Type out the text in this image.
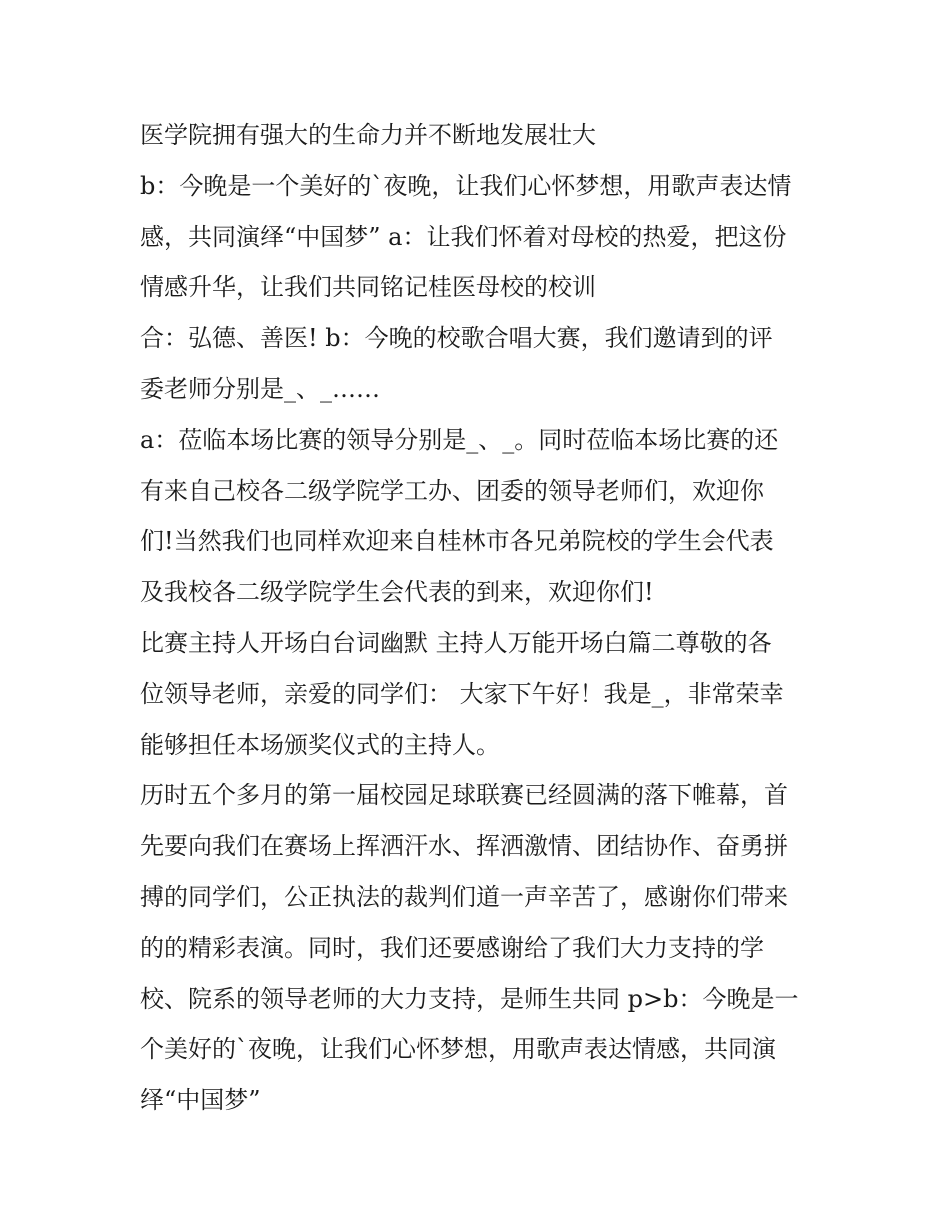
医学院拥有强大的生命力并不断地发展壮大
b：今晚是一个美好的`夜晚，让我们心怀梦想，用歌声表达情
感，共同演绎“中国梦” a：让我们怀着对母校的热爱，把这份
情感升华，让我们共同铭记桂医母校的校训
合：弘德、善医! b：今晚的校歌合唱大赛，我们邀请到的评
委老师分别是_、_……
a：莅临本场比赛的领导分别是_、_。同时莅临本场比赛的还
有来自己校各二级学院学工办、团委的领导老师们，欢迎你
们!当然我们也同样欢迎来自桂林市各兄弟院校的学生会代表
及我校各二级学院学生会代表的到来，欢迎你们!
比赛主持人开场白台词幽默 主持人万能开场白篇二尊敬的各
位领导老师，亲爱的同学们： 大家下午好！我是_，非常荣幸
能够担任本场颁奖仪式的主持人。
历时五个多月的第一届校园足球联赛已经圆满的落下帷幕，首
先要向我们在赛场上挥洒汗水、挥洒激情、团结协作、奋勇拼
搏的同学们，公正执法的裁判们道一声辛苦了，感谢你们带来
的的精彩表演。同时，我们还要感谢给了我们大力支持的学
校、院系的领导老师的大力支持，是师生共同 p>b：今晚是一
个美好的`夜晚，让我们心怀梦想，用歌声表达情感，共同演
绎“中国梦”
